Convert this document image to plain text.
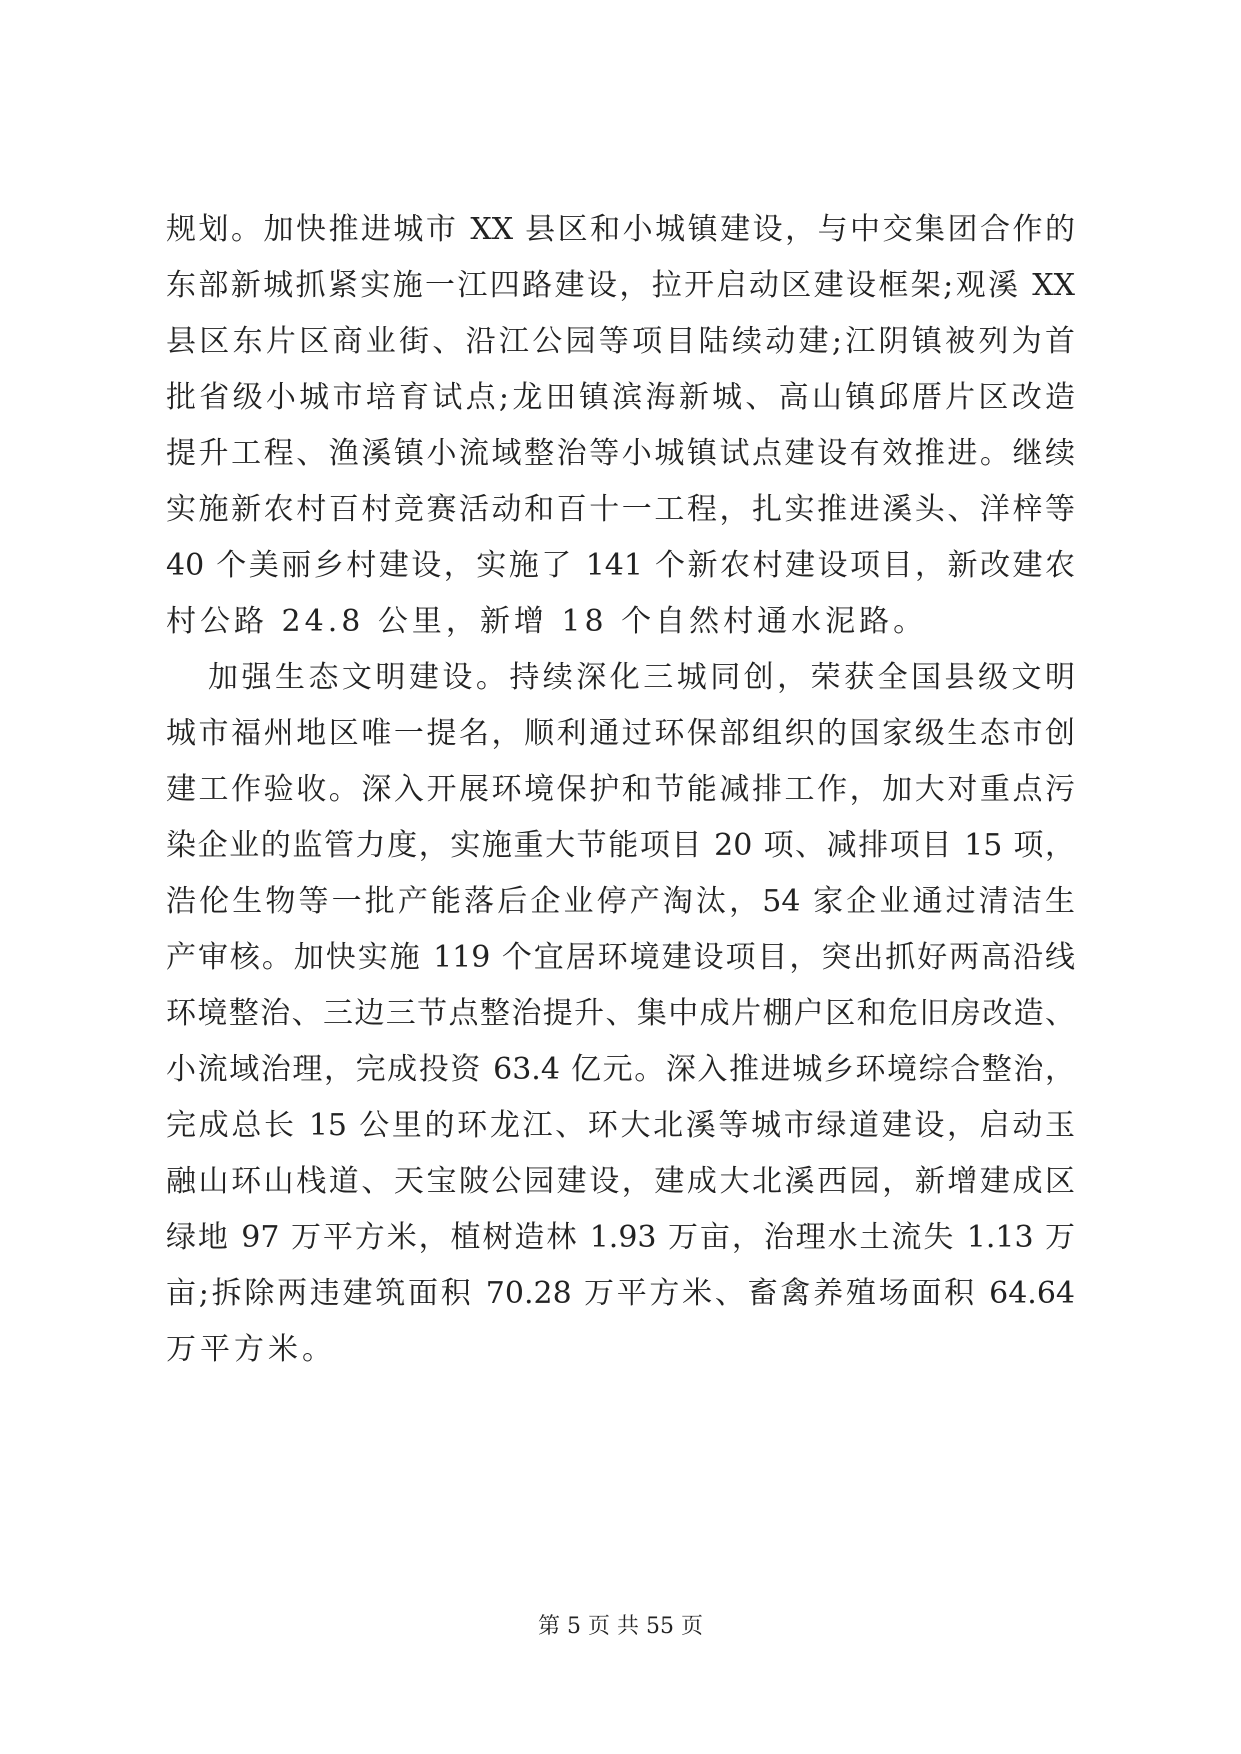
规划。加快推进城市 XX 县区和小城镇建设，与中交集团合作的
东部新城抓紧实施一江四路建设，拉开启动区建设框架;观溪 XX
县区东片区商业街、沿江公园等项目陆续动建;江阴镇被列为首
批省级小城市培育试点;龙田镇滨海新城、高山镇邱厝片区改造
提升工程、渔溪镇小流域整治等小城镇试点建设有效推进。继续
实施新农村百村竞赛活动和百十一工程，扎实推进溪头、洋梓等
40 个美丽乡村建设，实施了 141 个新农村建设项目，新改建农
村公路 24.8 公里，新增 18 个自然村通水泥路。
加强生态文明建设。持续深化三城同创，荣获全国县级文明
城市福州地区唯一提名，顺利通过环保部组织的国家级生态市创
建工作验收。深入开展环境保护和节能减排工作，加大对重点污
染企业的监管力度，实施重大节能项目 20 项、减排项目 15 项，
浩伦生物等一批产能落后企业停产淘汰，54 家企业通过清洁生
产审核。加快实施 119 个宜居环境建设项目，突出抓好两高沿线
环境整治、三边三节点整治提升、集中成片棚户区和危旧房改造、
小流域治理，完成投资 63.4 亿元。深入推进城乡环境综合整治，
完成总长 15 公里的环龙江、环大北溪等城市绿道建设，启动玉
融山环山栈道、天宝陂公园建设，建成大北溪西园，新增建成区
绿地 97 万平方米，植树造林 1.93 万亩，治理水土流失 1.13 万
亩;拆除两违建筑面积 70.28 万平方米、畜禽养殖场面积 64.64
万平方米。
第 5 页 共 55 页
